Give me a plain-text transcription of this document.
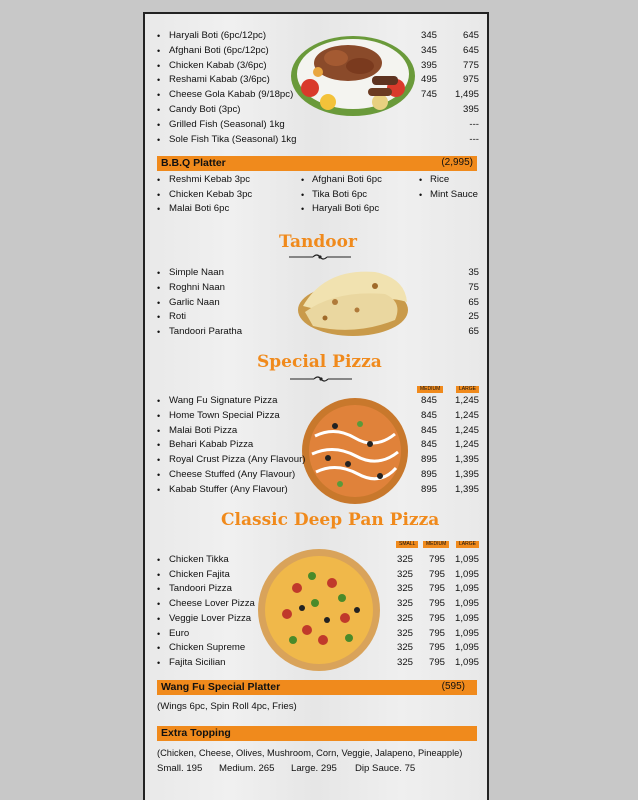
• Haryali Boti (6pc/12pc)	345	645
• Afghani Boti (6pc/12pc)	345	645
• Chicken Kabab (3/6pc)	395	775
• Reshami Kabab (3/6pc)	495	975
• Cheese Gola Kabab (9/18pc)	745	1,495
• Candy Boti (3pc)	395
• Grilled Fish (Seasonal) 1kg	---
• Sole Fish Tika (Seasonal) 1kg	---
B.B.Q Platter	(2,995)
• Reshmi Kebab 3pc
• Chicken Kebab 3pc
• Malai Boti 6pc
• Afghani Boti 6pc
• Tika Boti 6pc
• Haryali Boti 6pc
• Rice
• Mint Sauce
Tandoor
• Simple Naan	35
• Roghni Naan	75
• Garlic Naan	65
• Roti	25
• Tandoori Paratha	65
Special Pizza
MEDIUM	LARGE
• Wang Fu Signature Pizza	845	1,245
• Home Town Special Pizza	845	1,245
• Malai Boti Pizza	845	1,245
• Behari Kabab Pizza	845	1,245
• Royal Crust Pizza (Any Flavour)	895	1,395
• Cheese Stuffed (Any Flavour)	895	1,395
• Kabab Stuffer (Any Flavour)	895	1,395
Classic Deep Pan Pizza
SMALL	MEDIUM	LARGE
• Chicken Tikka	325	795	1,095
• Chicken Fajita	325	795	1,095
• Tandoori Pizza	325	795	1,095
• Cheese Lover Pizza	325	795	1,095
• Veggie Lover Pizza	325	795	1,095
• Euro	325	795	1,095
• Chicken Supreme	325	795	1,095
• Fajita Sicilian	325	795	1,095
Wang Fu Special Platter	(595)
(Wings 6pc, Spin Roll 4pc, Fries)
Extra Topping
(Chicken, Cheese, Olives, Mushroom, Corn, Veggie, Jalapeno, Pineapple)
Small. 195 Medium. 265 Large. 295 Dip Sauce. 75
